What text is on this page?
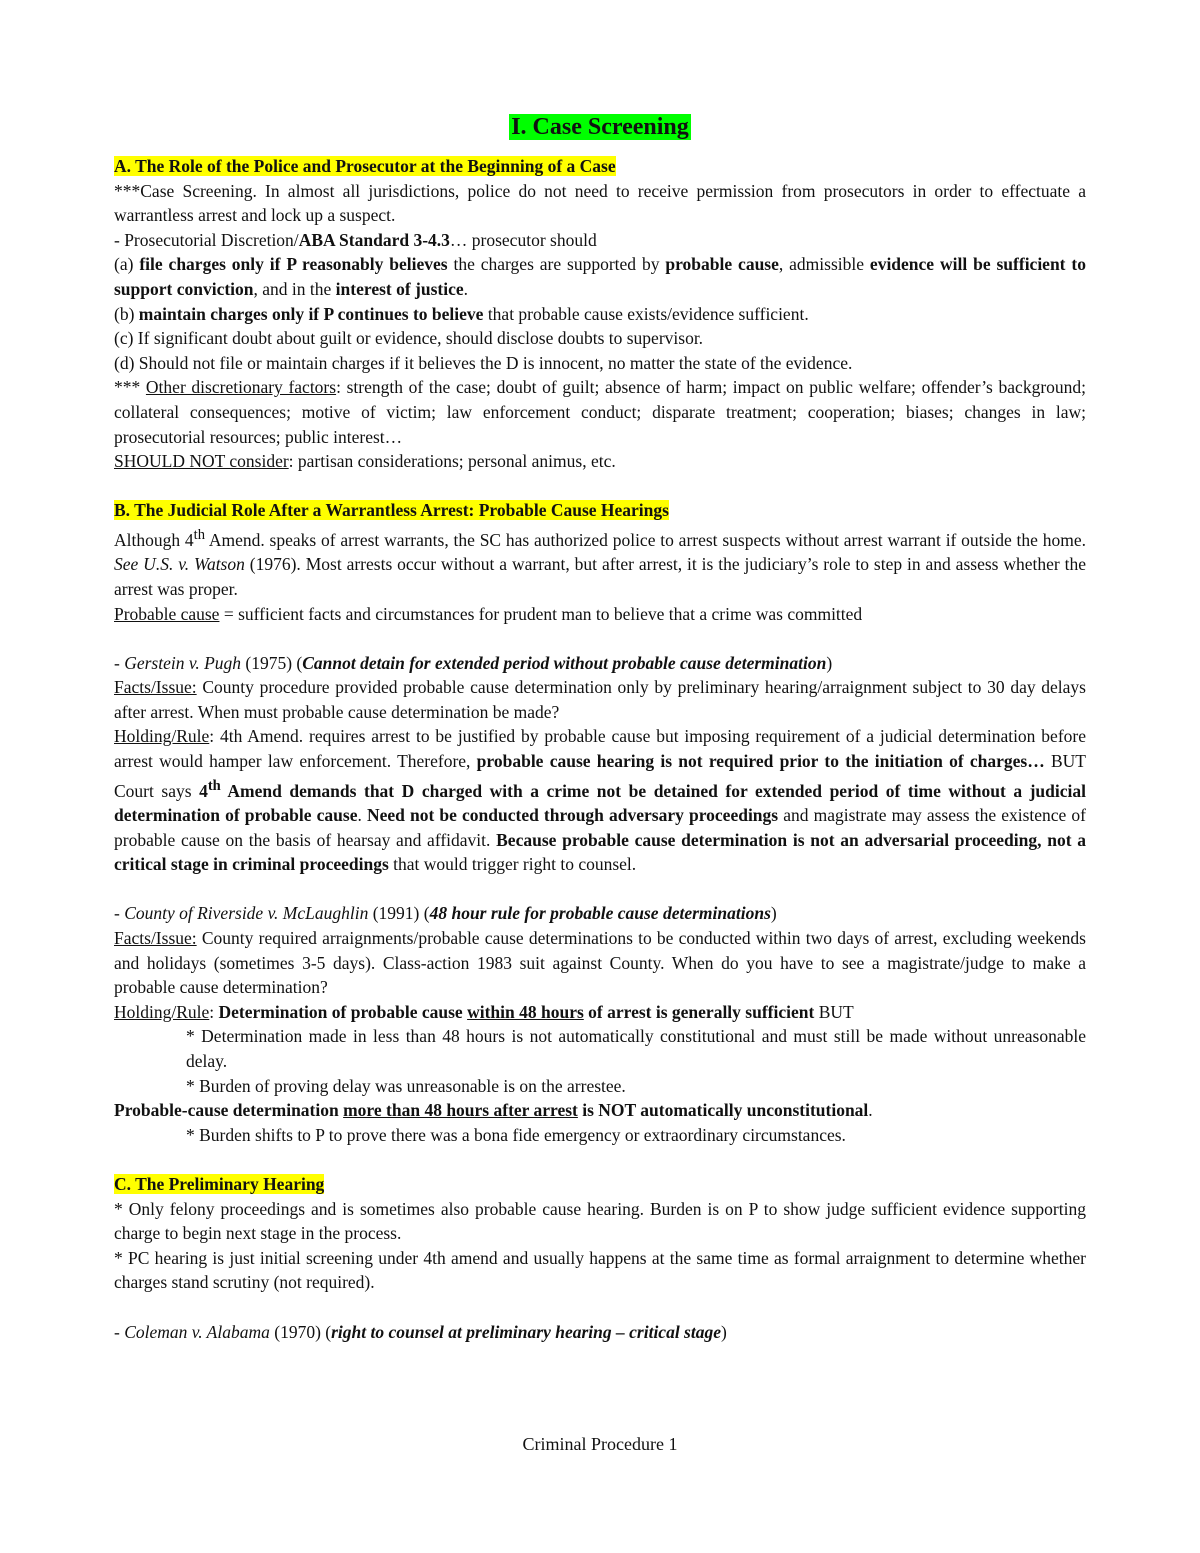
I. Case Screening

A. The Role of the Police and Prosecutor at the Beginning of a Case

***Case Screening. In almost all jurisdictions, police do not need to receive permission from prosecutors in order to effectuate a warrantless arrest and lock up a suspect.

- Prosecutorial Discretion/ABA Standard 3-4.3… prosecutor should

(a) file charges only if P reasonably believes the charges are supported by probable cause, admissible evidence will be sufficient to support conviction, and in the interest of justice.

(b) maintain charges only if P continues to believe that probable cause exists/evidence sufficient.

(c) If significant doubt about guilt or evidence, should disclose doubts to supervisor.

(d) Should not file or maintain charges if it believes the D is innocent, no matter the state of the evidence.

*** Other discretionary factors: strength of the case; doubt of guilt; absence of harm; impact on public welfare; offender’s background; collateral consequences; motive of victim; law enforcement conduct; disparate treatment; cooperation; biases; changes in law; prosecutorial resources; public interest…

SHOULD NOT consider: partisan considerations; personal animus, etc.

B. The Judicial Role After a Warrantless Arrest: Probable Cause Hearings

Although 4th Amend. speaks of arrest warrants, the SC has authorized police to arrest suspects without arrest warrant if outside the home. See U.S. v. Watson (1976). Most arrests occur without a warrant, but after arrest, it is the judiciary’s role to step in and assess whether the arrest was proper.

Probable cause = sufficient facts and circumstances for prudent man to believe that a crime was committed

- Gerstein v. Pugh (1975) (Cannot detain for extended period without probable cause determination)

Facts/Issue: County procedure provided probable cause determination only by preliminary hearing/arraignment subject to 30 day delays after arrest. When must probable cause determination be made?

Holding/Rule: 4th Amend. requires arrest to be justified by probable cause but imposing requirement of a judicial determination before arrest would hamper law enforcement. Therefore, probable cause hearing is not required prior to the initiation of charges… BUT Court says 4th Amend demands that D charged with a crime not be detained for extended period of time without a judicial determination of probable cause. Need not be conducted through adversary proceedings and magistrate may assess the existence of probable cause on the basis of hearsay and affidavit. Because probable cause determination is not an adversarial proceeding, not a critical stage in criminal proceedings that would trigger right to counsel.

- County of Riverside v. McLaughlin (1991) (48 hour rule for probable cause determinations)

Facts/Issue: County required arraignments/probable cause determinations to be conducted within two days of arrest, excluding weekends and holidays (sometimes 3-5 days). Class-action 1983 suit against County. When do you have to see a magistrate/judge to make a probable cause determination?

Holding/Rule: Determination of probable cause within 48 hours of arrest is generally sufficient BUT

* Determination made in less than 48 hours is not automatically constitutional and must still be made without unreasonable delay.

* Burden of proving delay was unreasonable is on the arrestee.

Probable-cause determination more than 48 hours after arrest is NOT automatically unconstitutional.

* Burden shifts to P to prove there was a bona fide emergency or extraordinary circumstances.

C. The Preliminary Hearing

* Only felony proceedings and is sometimes also probable cause hearing. Burden is on P to show judge sufficient evidence supporting charge to begin next stage in the process.

* PC hearing is just initial screening under 4th amend and usually happens at the same time as formal arraignment to determine whether charges stand scrutiny (not required).

- Coleman v. Alabama (1970) (right to counsel at preliminary hearing – critical stage)

Criminal Procedure 1
